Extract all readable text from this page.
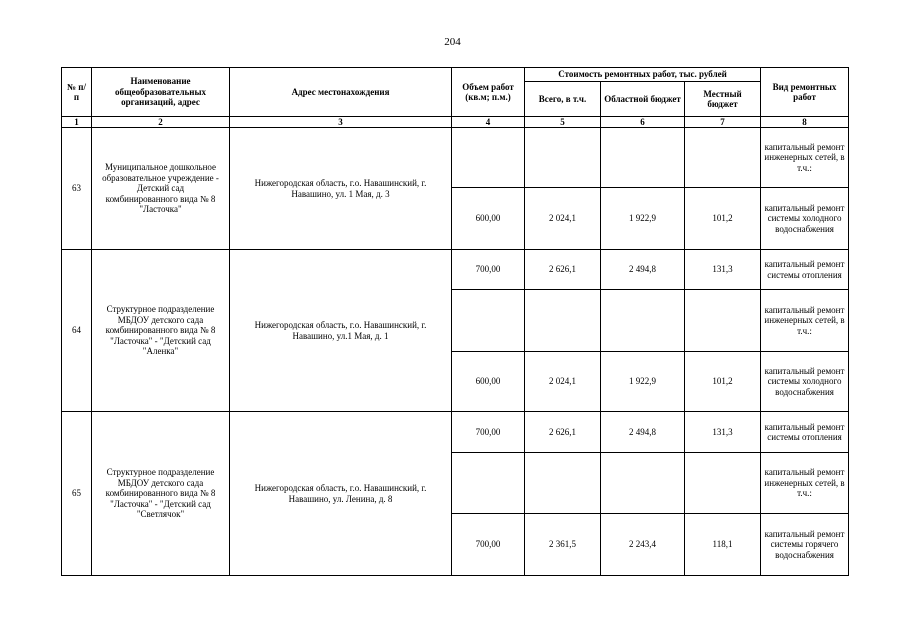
204
№ п/п	Наименование общеобразовательных организаций, адрес	Адрес местонахождения	Объем работ (кв.м; п.м.)	Стоимость ремонтных работ, тыс. рублей			Вид ремонтных работ
				Всего, в т.ч.	Областной бюджет	Местный бюджет	
1	2	3	4	5	6	7	8
63	Муниципальное дошкольное образовательное учреждение - Детский сад комбинированного вида № 8 "Ласточка"	Нижегородская область, г.о. Навашинский, г. Навашино, ул. 1 Мая, д. 3					капитальный ремонт инженерных сетей, в т.ч.:
			600,00	2 024,1	1 922,9	101,2	капитальный ремонт системы холодного водоснабжения
64	Структурное подразделение МБДОУ детского сада комбинированного вида № 8 "Ласточка" - "Детский сад "Аленка"	Нижегородская область, г.о. Навашинский, г. Навашино, ул.1 Мая, д. 1	700,00	2 626,1	2 494,8	131,3	капитальный ремонт системы отопления
							капитальный ремонт инженерных сетей, в т.ч.:
			600,00	2 024,1	1 922,9	101,2	капитальный ремонт системы холодного водоснабжения
65	Структурное подразделение МБДОУ детского сада комбинированного вида № 8 "Ласточка" - "Детский сад "Светлячок"	Нижегородская область, г.о. Навашинский, г. Навашино, ул. Ленина, д. 8	700,00	2 626,1	2 494,8	131,3	капитальный ремонт системы отопления
							капитальный ремонт инженерных сетей, в т.ч.:
			700,00	2 361,5	2 243,4	118,1	капитальный ремонт системы горячего водоснабжения
